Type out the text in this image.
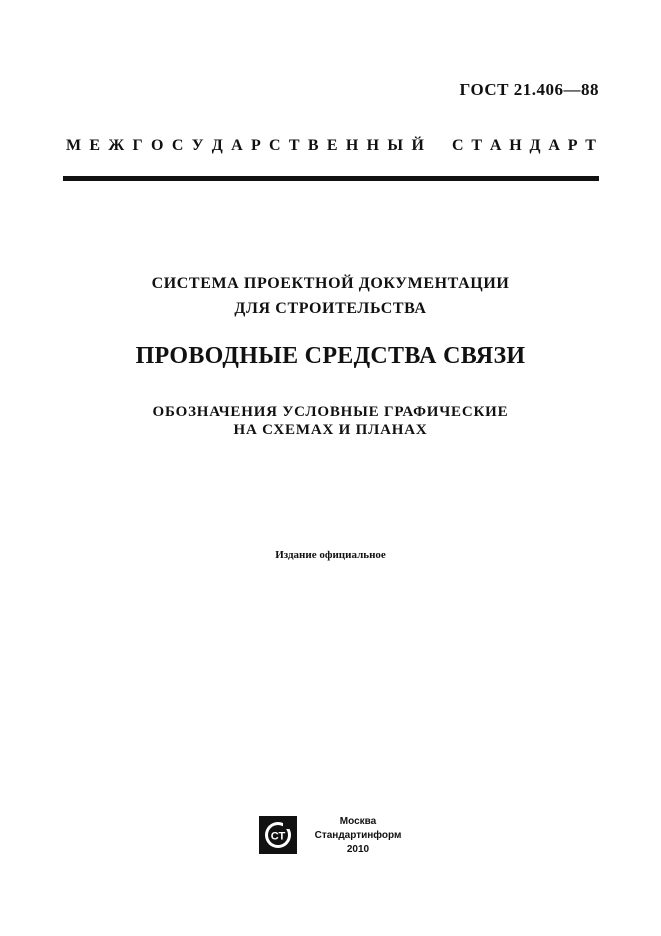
ГОСТ 21.406—88
М Е Ж Г О С У Д А Р С Т В Е Н Н Ы Й С Т А Н Д А Р Т
СИСТЕМА ПРОЕКТНОЙ ДОКУМЕНТАЦИИ
ДЛЯ СТРОИТЕЛЬСТВА
ПРОВОДНЫЕ СРЕДСТВА СВЯЗИ
ОБОЗНАЧЕНИЯ УСЛОВНЫЕ ГРАФИЧЕСКИЕ
НА СХЕМАХ И ПЛАНАХ
Издание официальное
СТ
Москва
Стандартинформ
2010
